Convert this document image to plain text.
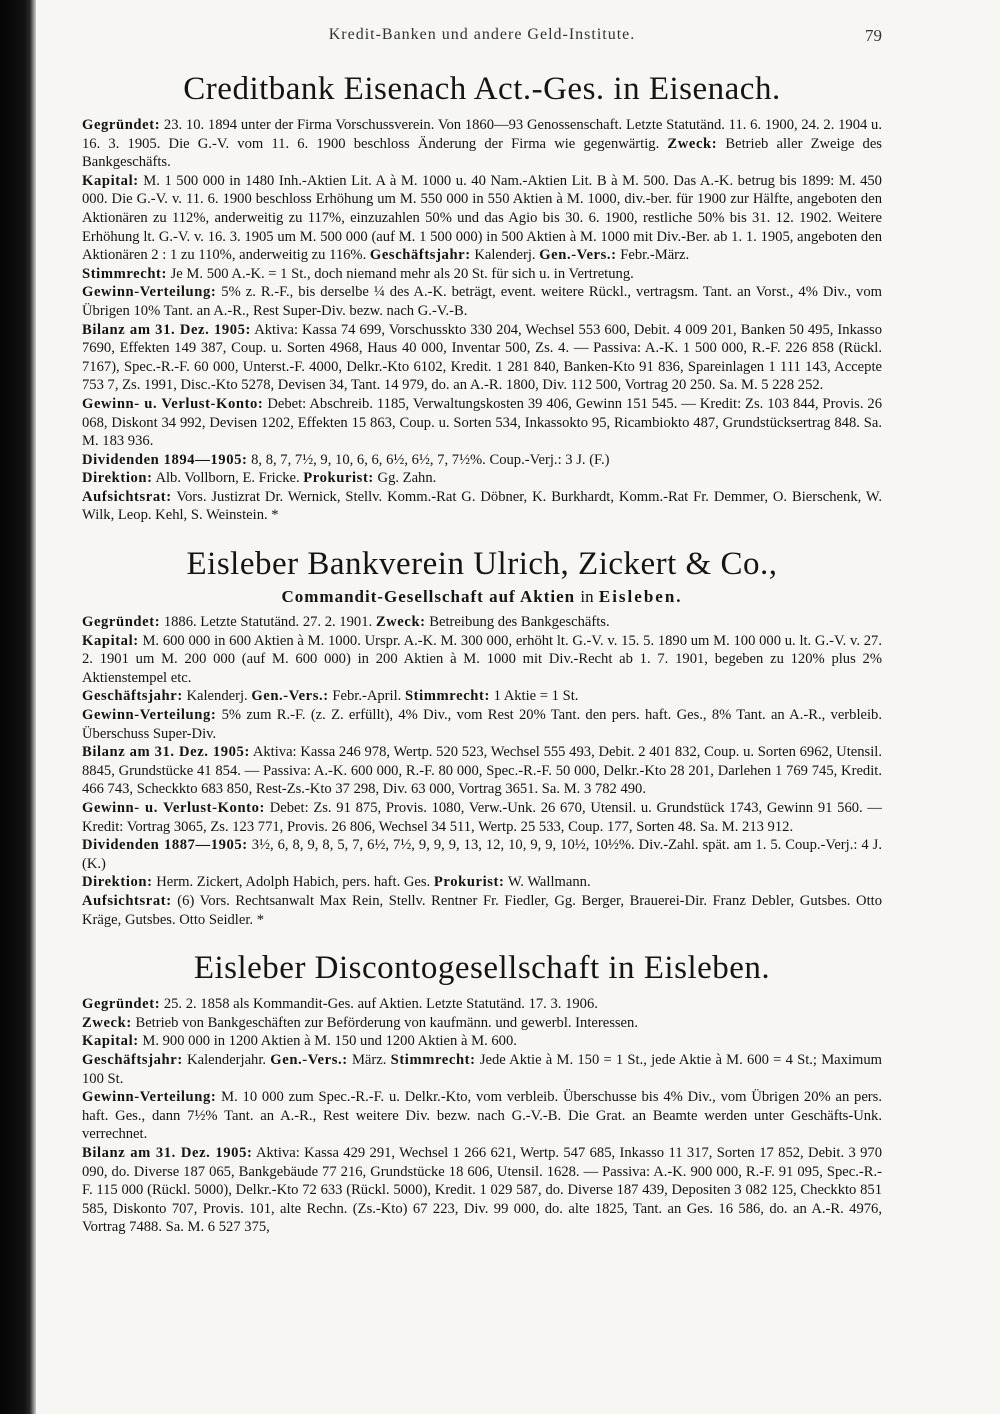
Kredit-Banken und andere Geld-Institute.	79
Creditbank Eisenach Act.-Ges. in Eisenach.

Gegründet: 23. 10. 1894 unter der Firma Vorschussverein. Von 1860—93 Genossenschaft. Letzte Statutänd. 11. 6. 1900, 24. 2. 1904 u. 16. 3. 1905. Die G.-V. vom 11. 6. 1900 beschloss Änderung der Firma wie gegenwärtig. Zweck: Betrieb aller Zweige des Bankgeschäfts.

Kapital: M. 1 500 000 in 1480 Inh.-Aktien Lit. A à M. 1000 u. 40 Nam.-Aktien Lit. B à M. 500. Das A.-K. betrug bis 1899: M. 450 000. Die G.-V. v. 11. 6. 1900 beschloss Erhöhung um M. 550 000 in 550 Aktien à M. 1000, div.-ber. für 1900 zur Hälfte, angeboten den Aktionären zu 112%, anderweitig zu 117%, einzuzahlen 50% und das Agio bis 30. 6. 1900, restliche 50% bis 31. 12. 1902. Weitere Erhöhung lt. G.-V. v. 16. 3. 1905 um M. 500 000 (auf M. 1 500 000) in 500 Aktien à M. 1000 mit Div.-Ber. ab 1. 1. 1905, angeboten den Aktionären 2 : 1 zu 110%, anderweitig zu 116%. Geschäftsjahr: Kalenderj. Gen.-Vers.: Febr.-März.

Stimmrecht: Je M. 500 A.-K. = 1 St., doch niemand mehr als 20 St. für sich u. in Vertretung.

Gewinn-Verteilung: 5% z. R.-F., bis derselbe ¼ des A.-K. beträgt, event. weitere Rückl., vertragsm. Tant. an Vorst., 4% Div., vom Übrigen 10% Tant. an A.-R., Rest Super-Div. bezw. nach G.-V.-B.

Bilanz am 31. Dez. 1905: Aktiva: Kassa 74 699, Vorschusskto 330 204, Wechsel 553 600, Debit. 4 009 201, Banken 50 495, Inkasso 7690, Effekten 149 387, Coup. u. Sorten 4968, Haus 40 000, Inventar 500, Zs. 4. — Passiva: A.-K. 1 500 000, R.-F. 226 858 (Rückl. 7167), Spec.-R.-F. 60 000, Unterst.-F. 4000, Delkr.-Kto 6102, Kredit. 1 281 840, Banken-Kto 91 836, Spareinlagen 1 111 143, Accepte 753 7, Zs. 1991, Disc.-Kto 5278, Devisen 34, Tant. 14 979, do. an A.-R. 1800, Div. 112 500, Vortrag 20 250. Sa. M. 5 228 252.

Gewinn- u. Verlust-Konto: Debet: Abschreib. 1185, Verwaltungskosten 39 406, Gewinn 151 545. — Kredit: Zs. 103 844, Provis. 26 068, Diskont 34 992, Devisen 1202, Effekten 15 863, Coup. u. Sorten 534, Inkassokto 95, Ricambiokto 487, Grundstücksertrag 848. Sa. M. 183 936.

Dividenden 1894—1905: 8, 8, 7, 7½, 9, 10, 6, 6, 6½, 6½, 7, 7½%. Coup.-Verj.: 3 J. (F.)

Direktion: Alb. Vollborn, E. Fricke. Prokurist: Gg. Zahn.

Aufsichtsrat: Vors. Justizrat Dr. Wernick, Stellv. Komm.-Rat G. Döbner, K. Burkhardt, Komm.-Rat Fr. Demmer, O. Bierschenk, W. Wilk, Leop. Kehl, S. Weinstein. *

Eisleber Bankverein Ulrich, Zickert & Co.,
Commandit-Gesellschaft auf Aktien in Eisleben.

Gegründet: 1886. Letzte Statutänd. 27. 2. 1901. Zweck: Betreibung des Bankgeschäfts.

Kapital: M. 600 000 in 600 Aktien à M. 1000. Urspr. A.-K. M. 300 000, erhöht lt. G.-V. v. 15. 5. 1890 um M. 100 000 u. lt. G.-V. v. 27. 2. 1901 um M. 200 000 (auf M. 600 000) in 200 Aktien à M. 1000 mit Div.-Recht ab 1. 7. 1901, begeben zu 120% plus 2% Aktienstempel etc.

Geschäftsjahr: Kalenderj. Gen.-Vers.: Febr.-April. Stimmrecht: 1 Aktie = 1 St.

Gewinn-Verteilung: 5% zum R.-F. (z. Z. erfüllt), 4% Div., vom Rest 20% Tant. den pers. haft. Ges., 8% Tant. an A.-R., verbleib. Überschuss Super-Div.

Bilanz am 31. Dez. 1905: Aktiva: Kassa 246 978, Wertp. 520 523, Wechsel 555 493, Debit. 2 401 832, Coup. u. Sorten 6962, Utensil. 8845, Grundstücke 41 854. — Passiva: A.-K. 600 000, R.-F. 80 000, Spec.-R.-F. 50 000, Delkr.-Kto 28 201, Darlehen 1 769 745, Kredit. 466 743, Scheckkto 683 850, Rest-Zs.-Kto 37 298, Div. 63 000, Vortrag 3651. Sa. M. 3 782 490.

Gewinn- u. Verlust-Konto: Debet: Zs. 91 875, Provis. 1080, Verw.-Unk. 26 670, Utensil. u. Grundstück 1743, Gewinn 91 560. — Kredit: Vortrag 3065, Zs. 123 771, Provis. 26 806, Wechsel 34 511, Wertp. 25 533, Coup. 177, Sorten 48. Sa. M. 213 912.

Dividenden 1887—1905: 3½, 6, 8, 9, 8, 5, 7, 6½, 7½, 9, 9, 9, 13, 12, 10, 9, 9, 10½, 10½%. Div.-Zahl. spät. am 1. 5. Coup.-Verj.: 4 J. (K.)

Direktion: Herm. Zickert, Adolph Habich, pers. haft. Ges. Prokurist: W. Wallmann.

Aufsichtsrat: (6) Vors. Rechtsanwalt Max Rein, Stellv. Rentner Fr. Fiedler, Gg. Berger, Brauerei-Dir. Franz Debler, Gutsbes. Otto Kräge, Gutsbes. Otto Seidler. *

Eisleber Discontogesellschaft in Eisleben.

Gegründet: 25. 2. 1858 als Kommandit-Ges. auf Aktien. Letzte Statutänd. 17. 3. 1906.

Zweck: Betrieb von Bankgeschäften zur Beförderung von kaufmänn. und gewerbl. Interessen.

Kapital: M. 900 000 in 1200 Aktien à M. 150 und 1200 Aktien à M. 600.

Geschäftsjahr: Kalenderjahr. Gen.-Vers.: März. Stimmrecht: Jede Aktie à M. 150 = 1 St., jede Aktie à M. 600 = 4 St.; Maximum 100 St.

Gewinn-Verteilung: M. 10 000 zum Spec.-R.-F. u. Delkr.-Kto, vom verbleib. Überschusse bis 4% Div., vom Übrigen 20% an pers. haft. Ges., dann 7½% Tant. an A.-R., Rest weitere Div. bezw. nach G.-V.-B. Die Grat. an Beamte werden unter Geschäfts-Unk. verrechnet.

Bilanz am 31. Dez. 1905: Aktiva: Kassa 429 291, Wechsel 1 266 621, Wertp. 547 685, Inkasso 11 317, Sorten 17 852, Debit. 3 970 090, do. Diverse 187 065, Bankgebäude 77 216, Grundstücke 18 606, Utensil. 1628. — Passiva: A.-K. 900 000, R.-F. 91 095, Spec.-R.-F. 115 000 (Rückl. 5000), Delkr.-Kto 72 633 (Rückl. 5000), Kredit. 1 029 587, do. Diverse 187 439, Depositen 3 082 125, Checkkto 851 585, Diskonto 707, Provis. 101, alte Rechn. (Zs.-Kto) 67 223, Div. 99 000, do. alte 1825, Tant. an Ges. 16 586, do. an A.-R. 4976, Vortrag 7488. Sa. M. 6 527 375,
